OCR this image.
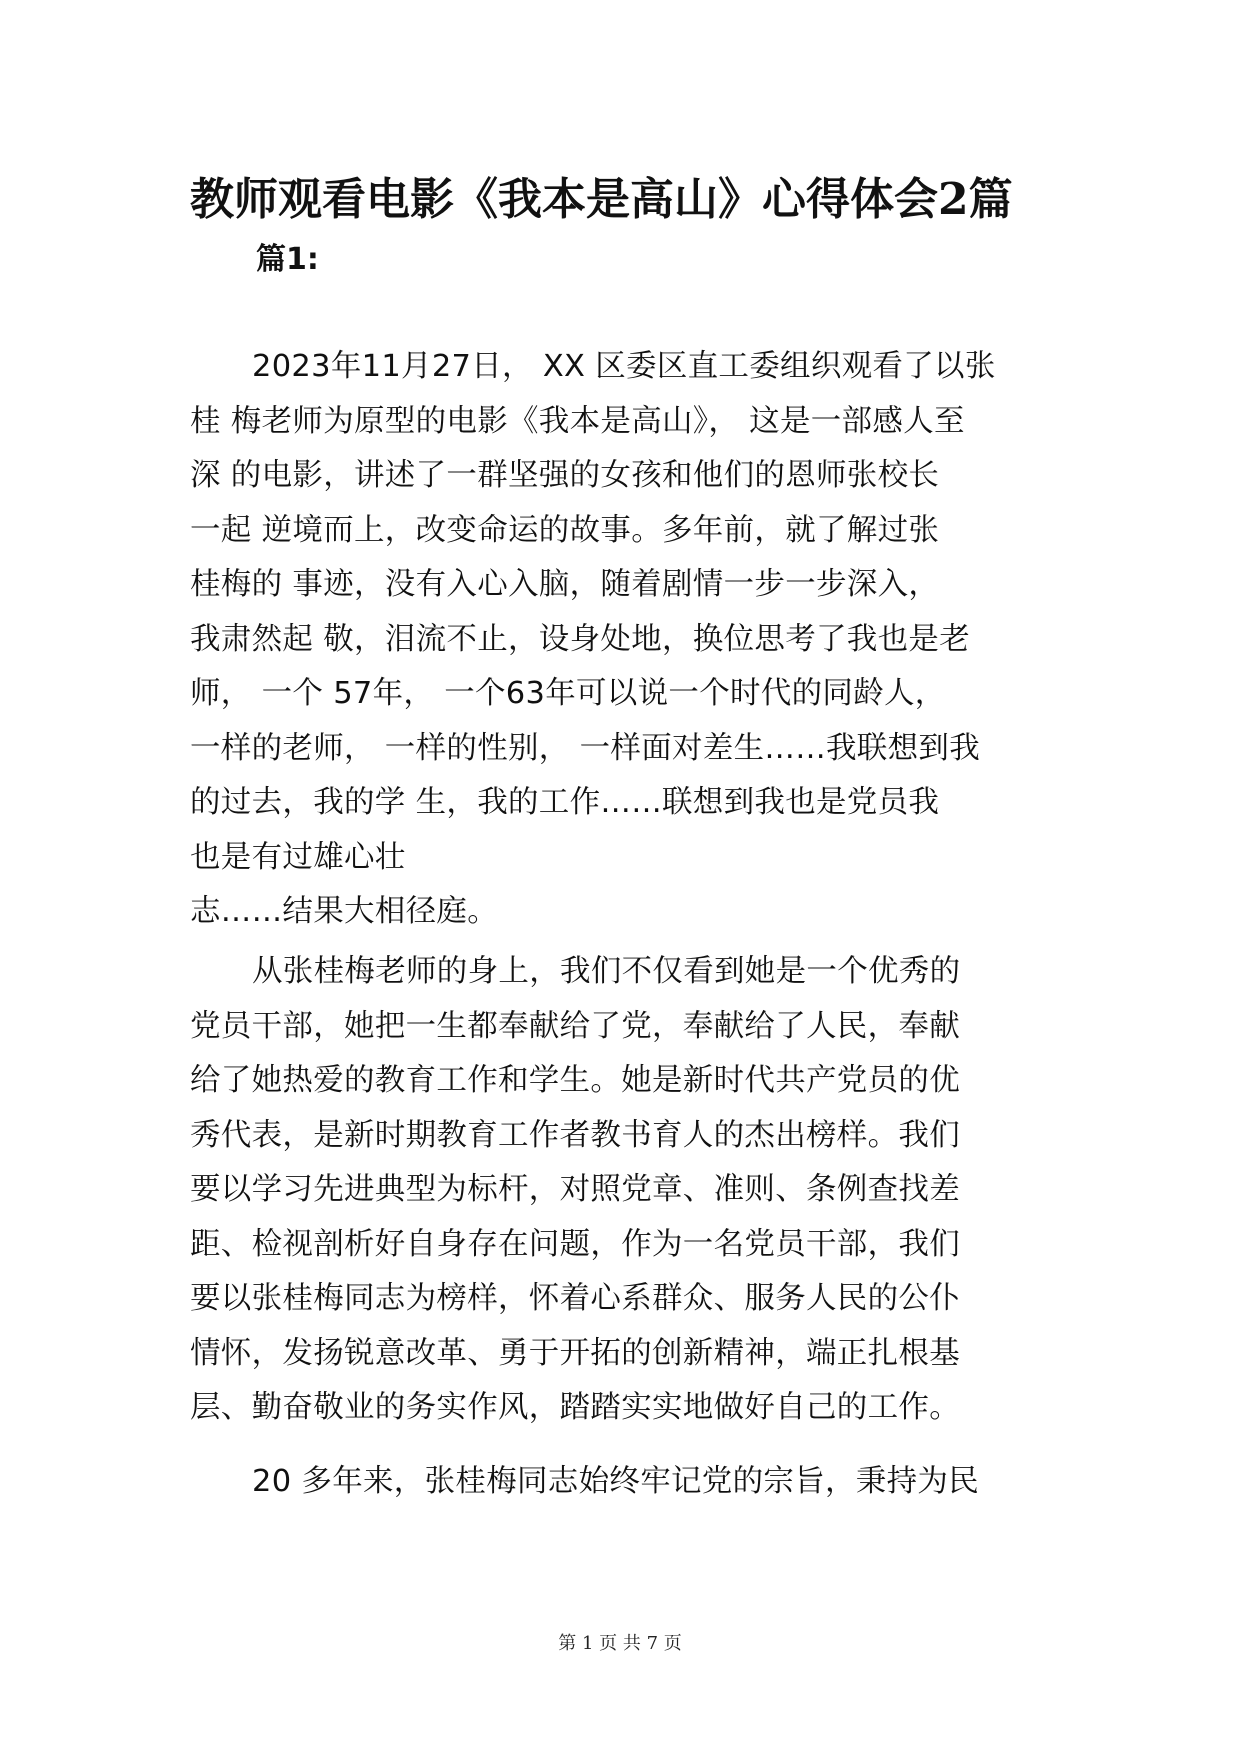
教师观看电影《我本是高山》心得体会2篇
篇1:
2023年11月27日， XX 区委区直工委组织观看了以张
桂 梅老师为原型的电影《我本是高山》， 这是一部感人至
深 的电影，讲述了一群坚强的女孩和他们的恩师张校长
一起 逆境而上，改变命运的故事。多年前，就了解过张
桂梅的 事迹，没有入心入脑，随着剧情一步一步深入，
我肃然起 敬，泪流不止，设身处地，换位思考了我也是老
师， 一个 57年， 一个63年可以说一个时代的同龄人，
一样的老师， 一样的性别， 一样面对差生……我联想到我
的过去，我的学 生，我的工作……联想到我也是党员我
也是有过雄心壮
志……结果大相径庭。
从张桂梅老师的身上，我们不仅看到她是一个优秀的
党员干部，她把一生都奉献给了党，奉献给了人民，奉献
给了她热爱的教育工作和学生。她是新时代共产党员的优
秀代表，是新时期教育工作者教书育人的杰出榜样。我们
要以学习先进典型为标杆，对照党章、准则、条例查找差
距、检视剖析好自身存在问题，作为一名党员干部，我们
要以张桂梅同志为榜样，怀着心系群众、服务人民的公仆
情怀，发扬锐意改革、勇于开拓的创新精神，端正扎根基
层、勤奋敬业的务实作风，踏踏实实地做好自己的工作。
20 多年来，张桂梅同志始终牢记党的宗旨，秉持为民
第 1 页 共 7 页
